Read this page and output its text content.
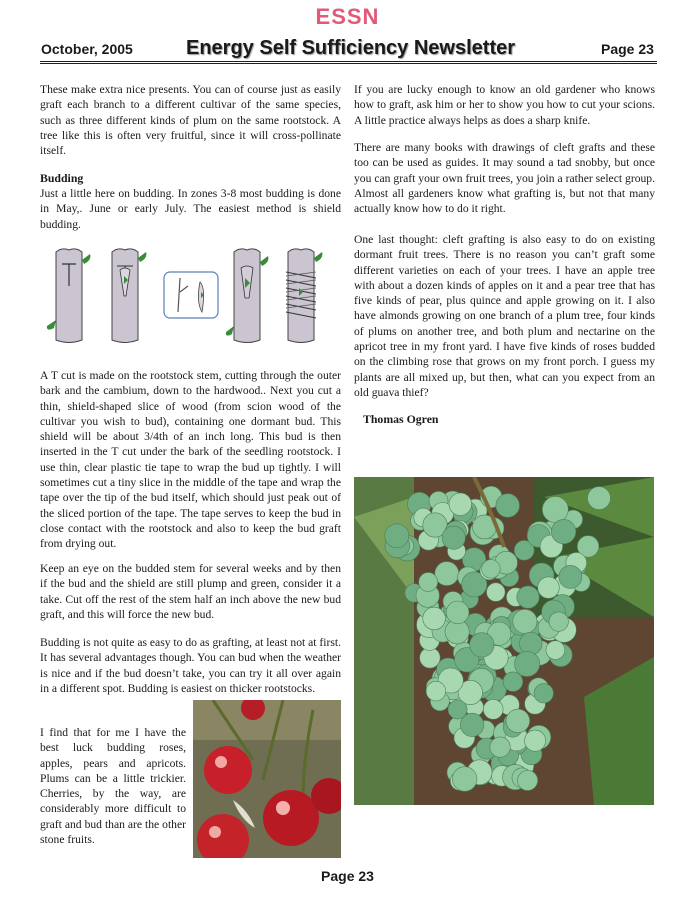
ESSN
October, 2005	Energy Self Sufficiency Newsletter	Page 23

These make extra nice presents. You can of course just as easily graft each branch to a different cultivar of the same species, such as three different kinds of plum on the same rootstock. A tree like this is often very fruitful, since it will cross-pollinate itself.

Budding

Just a little here on budding. In zones 3-8 most budding is done in May,. June or early July. The easiest method is shield budding.

A T cut is made on the rootstock stem, cutting through the outer bark and the cambium, down to the hardwood.. Next you cut a thin, shield-shaped slice of wood (from scion wood of the cultivar you wish to bud), containing one dormant bud. This shield will be about 3/4th of an inch long. This bud is then inserted in the T cut under the bark of the seedling rootstock. I use thin, clear plastic tie tape to wrap the bud up tightly. I will sometimes cut a tiny slice in the middle of the tape and wrap the tape over the tip of the bud itself, which should just peak out of the sliced portion of the tape. The tape serves to keep the bud in close contact with the rootstock and also to keep the bud graft from drying out.

Keep an eye on the budded stem for several weeks and by then if the bud and the shield are still plump and green, consider it a take. Cut off the rest of the stem half an inch above the new bud graft, and this will force the new bud.

Budding is not quite as easy to do as grafting, at least not at first. It has several advantages though. You can bud when the weather is nice and if the bud doesn’t take, you can try it all over again in a different spot. Budding is easiest on thicker rootstocks.

I find that for me I have the best luck budding roses, apples, pears and apricots. Plums can be a little trickier. Cherries, by the way, are considerably more difficult to graft and bud than are the other stone fruits.

If you are lucky enough to know an old gardener who knows how to graft, ask him or her to show you how to cut your scions. A little practice always helps as does a sharp knife.

There are many books with drawings of cleft grafts and these too can be used as guides. It may sound a tad snobby, but once you can graft your own fruit trees, you join a rather select group. Almost all gardeners know what grafting is, but not that many actually know how to do it right.

One last thought: cleft grafting is also easy to do on existing dormant fruit trees. There is no reason you can’t graft some different varieties on each of your trees. I have an apple tree with about a dozen kinds of apples on it and a pear tree that has five kinds of pear, plus quince and apple growing on it. I also have almonds growing on one branch of a plum tree, four kinds of plums on another tree, and both plum and nectarine on the apricot tree in my front yard. I have five kinds of roses budded on the climbing rose that grows on my front porch. I guess my plants are all mixed up, but then, what can you expect from an old guava thief?

Thomas Ogren
Page 23
